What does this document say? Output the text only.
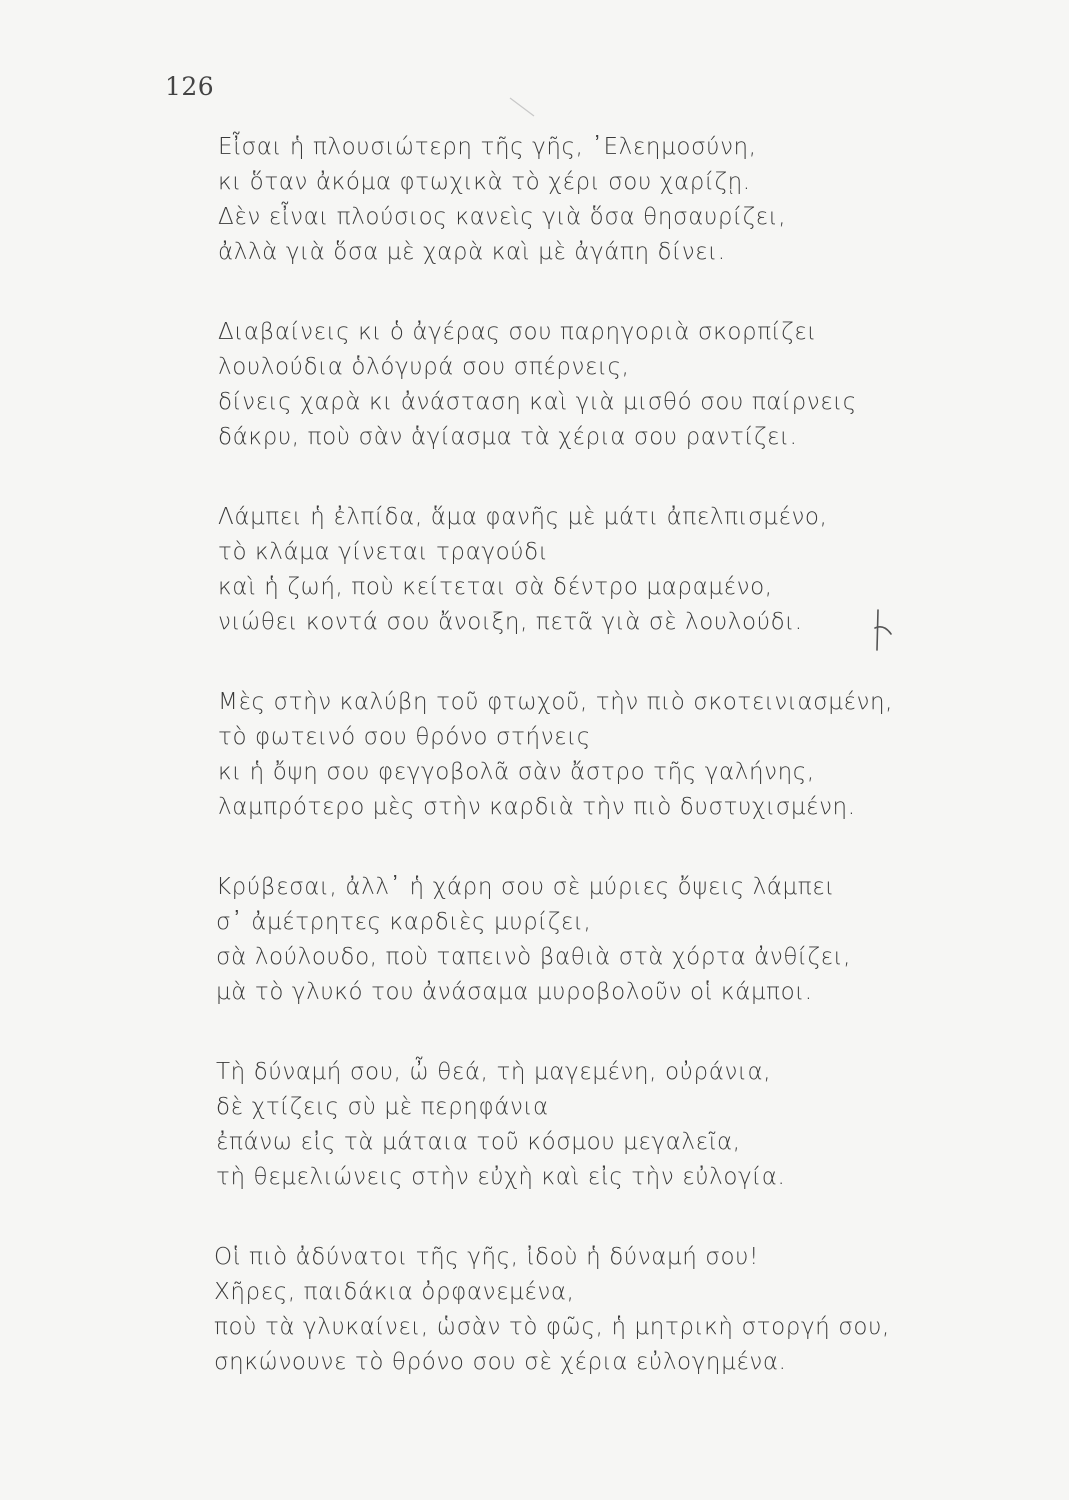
126
Εἶσαι ἡ πλουσιώτερη τῆς γῆς, ᾿Ελεημοσύνη,
κι ὅταν ἀκόμα φτωχικὰ τὸ χέρι σου χαρίζῃ.
Δὲν εἶναι πλούσιος κανεὶς γιὰ ὅσα θησαυρίζει,
ἀλλὰ γιὰ ὅσα μὲ χαρὰ καὶ μὲ ἀγάπη δίνει.
Διαβαίνεις κι ὁ ἀγέρας σου παρηγοριὰ σκορπίζει
λουλούδια ὁλόγυρά σου σπέρνεις,
δίνεις χαρὰ κι ἀνάσταση καὶ γιὰ μισθό σου παίρνεις
δάκρυ, ποὺ σὰν ἁγίασμα τὰ χέρια σου ραντίζει.
Λάμπει ἡ ἐλπίδα, ἅμα φανῆς μὲ μάτι ἀπελπισμένο,
τὸ κλάμα γίνεται τραγούδι
καὶ ἡ ζωή, ποὺ κείτεται σὰ δέντρο μαραμένο,
νιώθει κοντά σου ἄνοιξη, πετᾶ γιὰ σὲ λουλούδι.
Μὲς στὴν καλύβη τοῦ φτωχοῦ, τὴν πιὸ σκοτεινιασμένη,
τὸ φωτεινό σου θρόνο στήνεις
κι ἡ ὄψη σου φεγγοβολᾶ σὰν ἄστρο τῆς γαλήνης,
λαμπρότερο μὲς στὴν καρδιὰ τὴν πιὸ δυστυχισμένη.
Κρύβεσαι, ἀλλ᾿ ἡ χάρη σου σὲ μύριες ὄψεις λάμπει
σ᾿ ἀμέτρητες καρδιὲς μυρίζει,
σὰ λούλουδο, ποὺ ταπεινὸ βαθιὰ στὰ χόρτα ἀνθίζει,
μὰ τὸ γλυκό του ἀνάσαμα μυροβολοῦν οἱ κάμποι.
Τὴ δύναμή σου, ὦ θεά, τὴ μαγεμένη, οὐράνια,
δὲ χτίζεις σὺ μὲ περηφάνια
ἐπάνω εἰς τὰ μάταια τοῦ κόσμου μεγαλεῖα,
τὴ θεμελιώνεις στὴν εὐχὴ καὶ εἰς τὴν εὐλογία.
Οἱ πιὸ ἀδύνατοι τῆς γῆς, ἰδοὺ ἡ δύναμή σου!
Χῆρες, παιδάκια ὀρφανεμένα,
ποὺ τὰ γλυκαίνει, ὡσὰν τὸ φῶς, ἡ μητρικὴ στοργή σου,
σηκώνουνε τὸ θρόνο σου σὲ χέρια εὐλογημένα.
